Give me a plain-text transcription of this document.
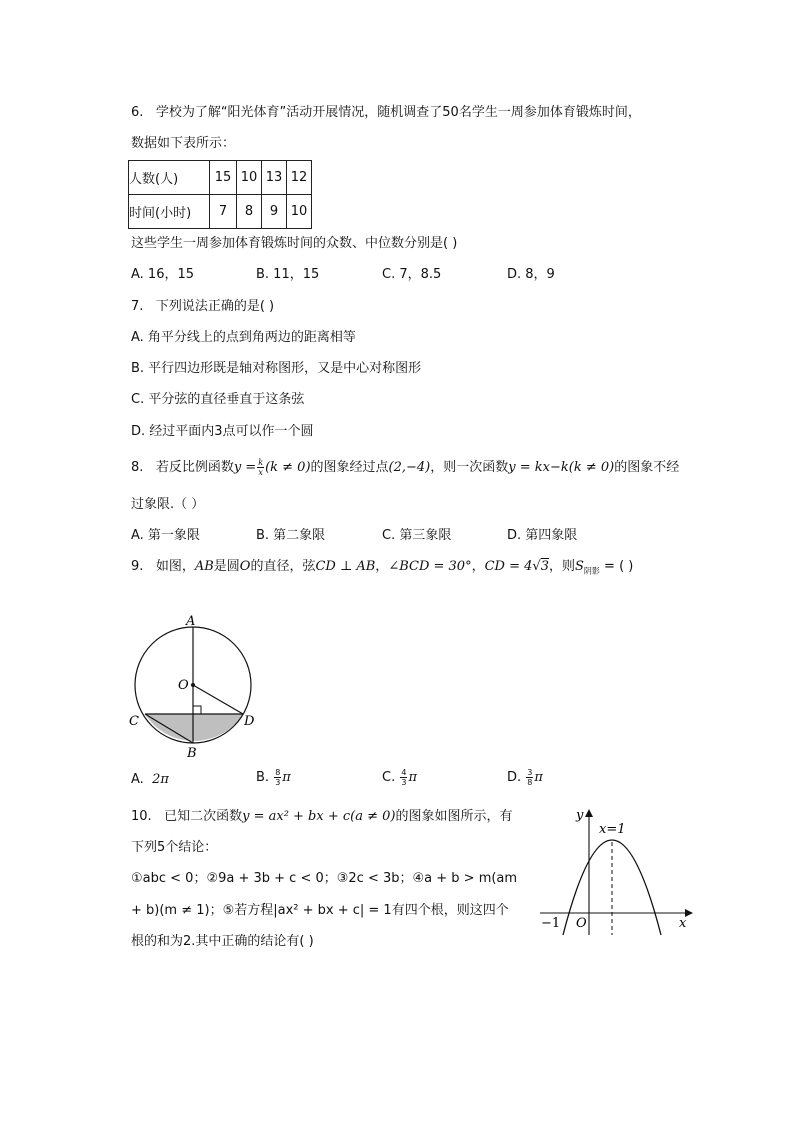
6. 学校为了解“阳光体育”活动开展情况，随机调查了50名学生一周参加体育锻炼时间，
数据如下表所示：
人数(人)	15	10	13	12
时间(小时)	7	8	9	10
这些学生一周参加体育锻炼时间的众数、中位数分别是( )
A. 16，15	B. 11，15	C. 7，8.5	D. 8，9
7. 下列说法正确的是( )
A. 角平分线上的点到角两边的距离相等
B. 平行四边形既是轴对称图形，又是中心对称图形
C. 平分弦的直径垂直于这条弦
D. 经过平面内3点可以作一个圆
8. 若反比例函数$y = \frac{k}{x} (k \ne 0)$的图象经过点(2,−4)，则一次函数y = kx−k(k ≠ 0)的图象不经
过象限.（ ）
A. 第一象限	B. 第二象限	C. 第三象限	D. 第四象限
9. 如图，AB是圆O的直径，弦CD ⊥ AB，∠BCD = 30°，CD = 4√3，则$S_{阴影}$ = ( )
A
O
C	D
B
A. 2π	B. $\frac{8}{3}$ π	C. $\frac{4}{3}$ π	D. $\frac{3}{8}$ π
10. 已知二次函数y = ax² + bx + c(a ≠ 0)的图象如图所示，有
下列5个结论：
①abc < 0；②9a + 3b + c < 0；③2c < 3b；④a + b > m(am
+ b)(m ≠ 1)；⑤若方程|ax² + bx + c| = 1有四个根，则这四个
根的和为2.其中正确的结论有( )
y
x
O
−1
x=1
